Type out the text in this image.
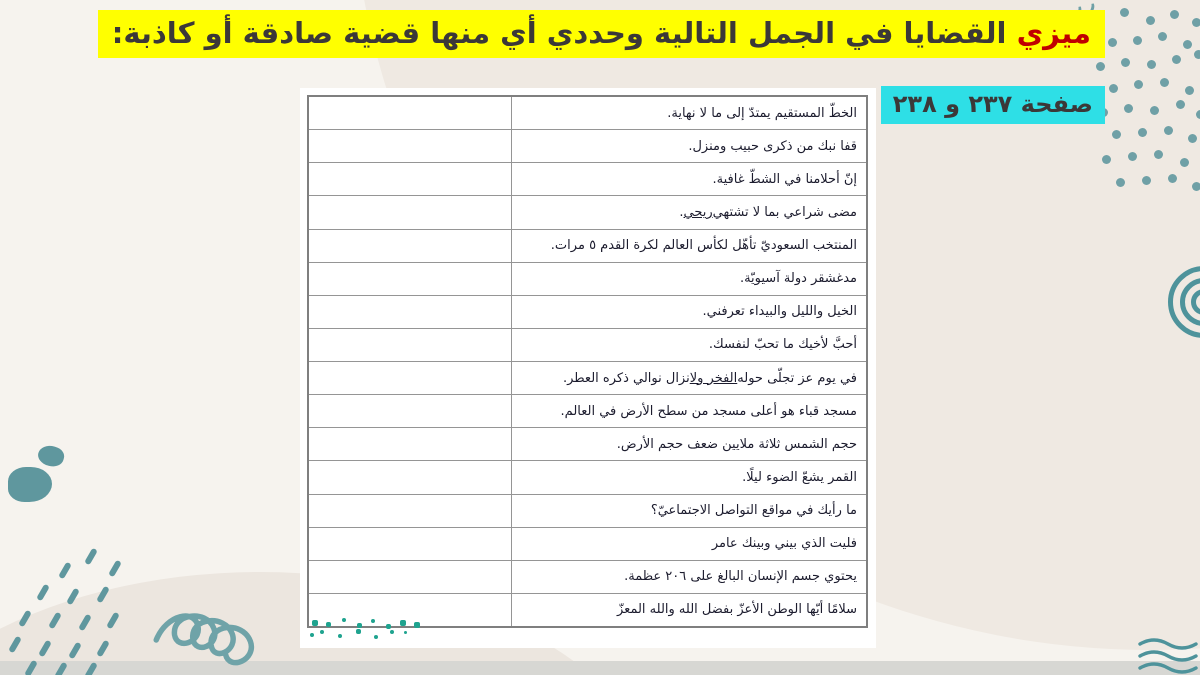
ميزي القضايا في الجمل التالية وحددي أي منها قضية صادقة أو كاذبة:
صفحة ٢٣٧ و ٢٣٨
الخطّ المستقيم يمتدّ إلى ما لا نهاية.
قفا نبك من ذكرى حبيب ومنزل.
إنّ أحلامنا في الشطّ غافية.
مضى شراعي بما لا تشتهي
ريحي
.
المنتخب السعوديّ تأهّل لكأس العالم لكرة القدم ٥ مرات.
مدغشقر دولة آسيويّة.
الخيل والليل والبيداء تعرفني.
أحبَّ لأخيك ما تحبّ لنفسك.
في يوم عز تجلّى حوله
الفخر ولا
نزال نوالي ذكره العطر.
مسجد قباء هو أعلى مسجد من سطح الأرض في العالم.
حجم الشمس ثلاثة ملايين ضعف حجم الأرض.
القمر يشعّ الضوء ليلًا.
ما رأيك في مواقع التواصل الاجتماعيّ؟
فليت الذي بيني وبينك عامر
يحتوي جسم الإنسان البالغ على ٢٠٦ عظمة.
سلامًا أيّها الوطن الأعزّ بفضل الله والله المعزّ
